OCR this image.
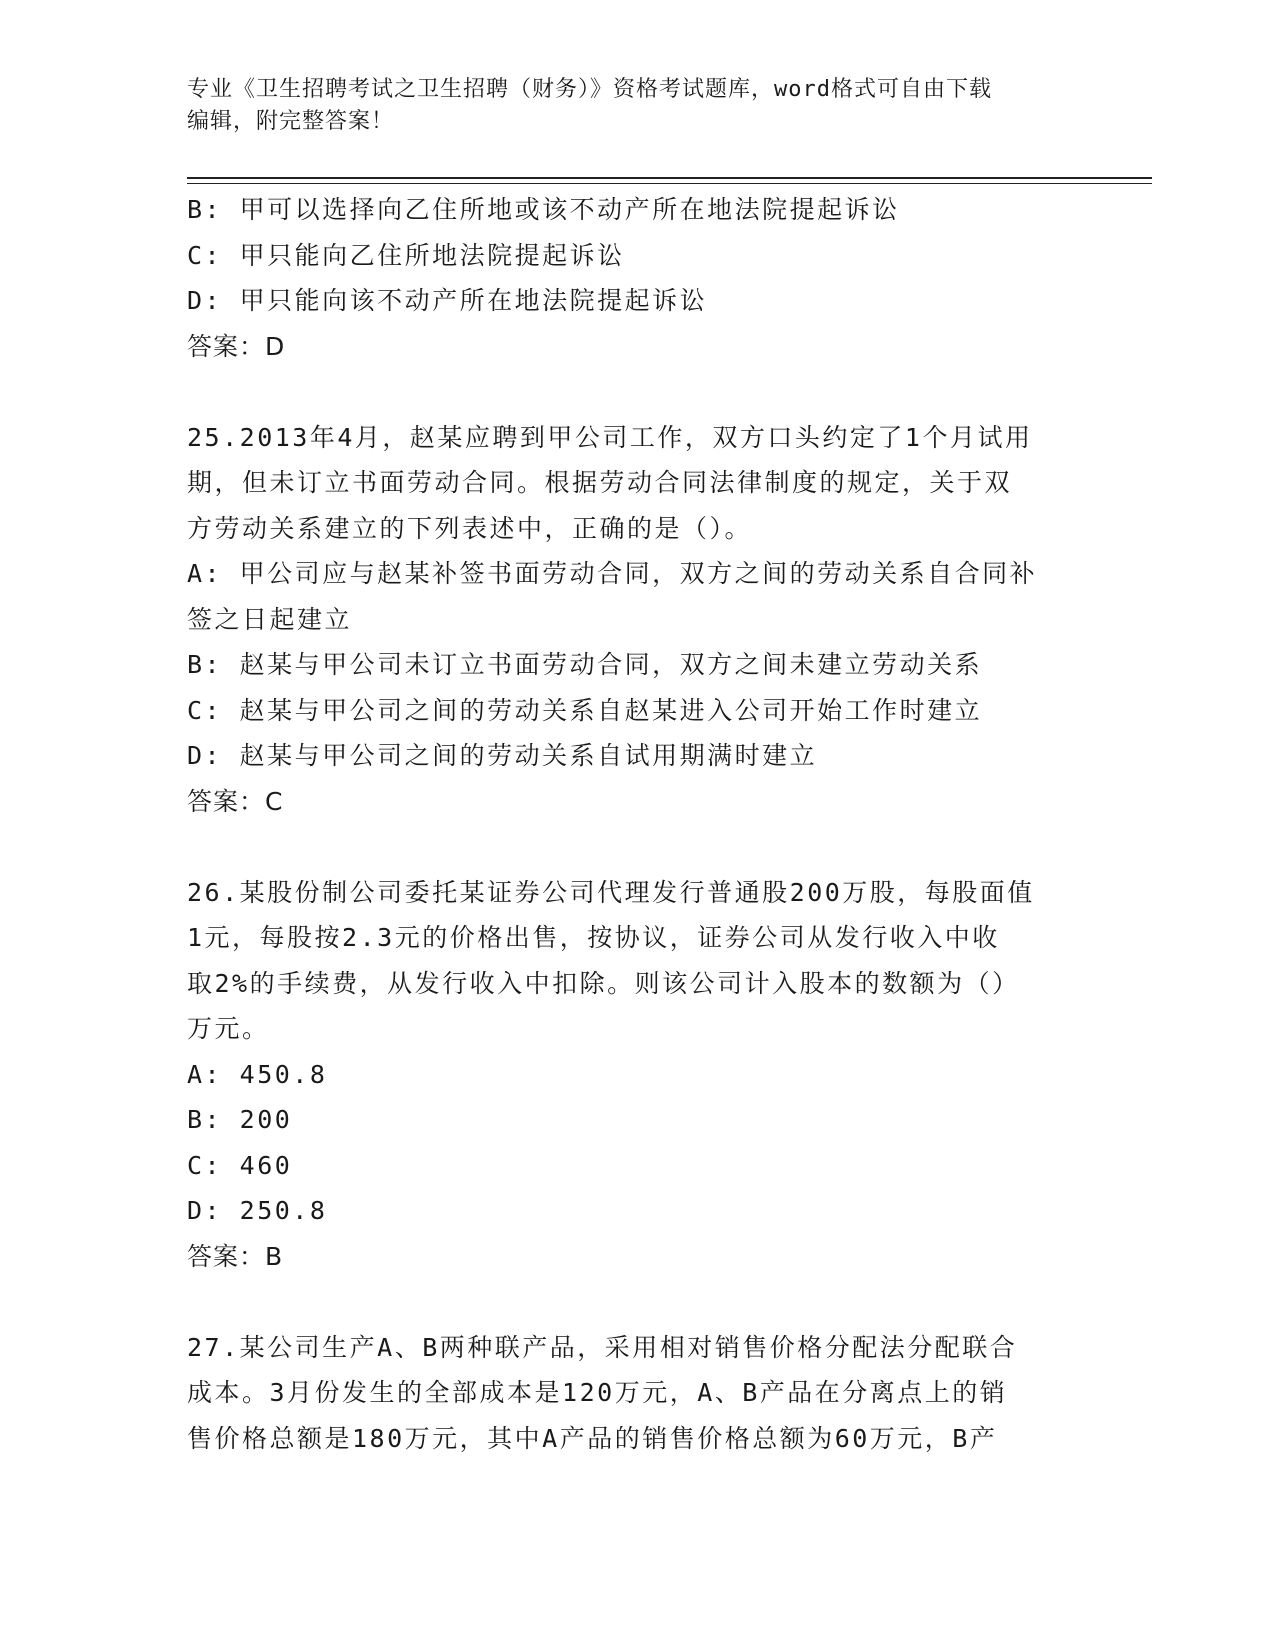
专业《卫生招聘考试之卫生招聘（财务）》资格考试题库，word格式可自由下载
编辑，附完整答案！
B: 甲可以选择向乙住所地或该不动产所在地法院提起诉讼
C: 甲只能向乙住所地法院提起诉讼
D: 甲只能向该不动产所在地法院提起诉讼
答案：D
25.2013年4月，赵某应聘到甲公司工作，双方口头约定了1个月试用
期，但未订立书面劳动合同。根据劳动合同法律制度的规定，关于双
方劳动关系建立的下列表述中，正确的是（）。
A: 甲公司应与赵某补签书面劳动合同，双方之间的劳动关系自合同补
签之日起建立
B: 赵某与甲公司未订立书面劳动合同，双方之间未建立劳动关系
C: 赵某与甲公司之间的劳动关系自赵某进入公司开始工作时建立
D: 赵某与甲公司之间的劳动关系自试用期满时建立
答案：C
26.某股份制公司委托某证券公司代理发行普通股200万股，每股面值
1元，每股按2.3元的价格出售，按协议，证券公司从发行收入中收
取2%的手续费，从发行收入中扣除。则该公司计入股本的数额为（）
万元。
A: 450.8
B: 200
C: 460
D: 250.8
答案：B
27.某公司生产A、B两种联产品，采用相对销售价格分配法分配联合
成本。3月份发生的全部成本是120万元，A、B产品在分离点上的销
售价格总额是180万元，其中A产品的销售价格总额为60万元，B产
